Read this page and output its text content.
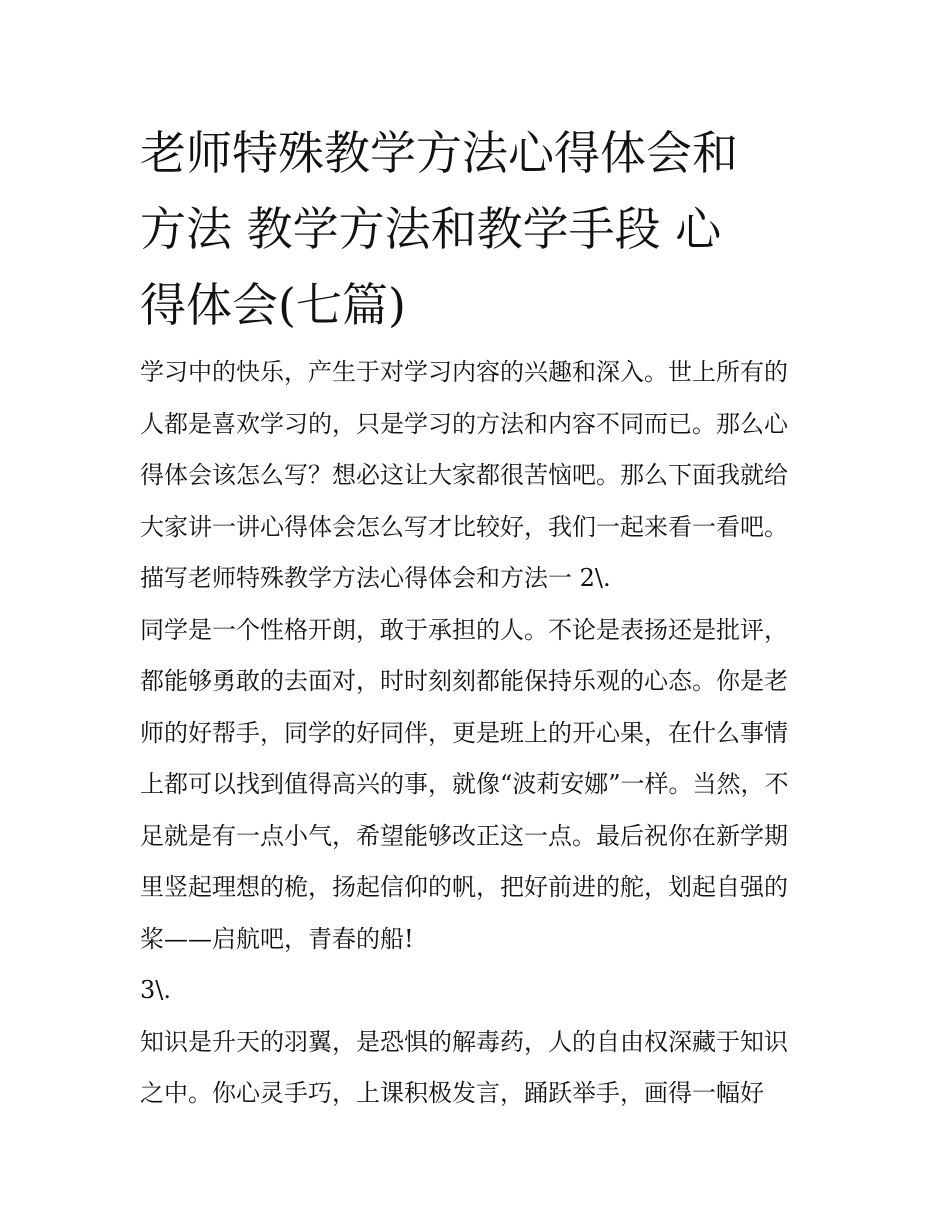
老师特殊教学方法心得体会和
方法 教学方法和教学手段 心
得体会(七篇)
学习中的快乐，产生于对学习内容的兴趣和深入。世上所有的
人都是喜欢学习的，只是学习的方法和内容不同而已。那么心
得体会该怎么写？想必这让大家都很苦恼吧。那么下面我就给
大家讲一讲心得体会怎么写才比较好，我们一起来看一看吧。
描写老师特殊教学方法心得体会和方法一 2\.
同学是一个性格开朗，敢于承担的人。不论是表扬还是批评，
都能够勇敢的去面对，时时刻刻都能保持乐观的心态。你是老
师的好帮手，同学的好同伴，更是班上的开心果，在什么事情
上都可以找到值得高兴的事，就像“波莉安娜”一样。当然，不
足就是有一点小气，希望能够改正这一点。最后祝你在新学期
里竖起理想的桅，扬起信仰的帆，把好前进的舵，划起自强的
桨——启航吧，青春的船!
3\.
知识是升天的羽翼，是恐惧的解毒药，人的自由权深藏于知识
之中。你心灵手巧，上课积极发言，踊跃举手，画得一幅好
